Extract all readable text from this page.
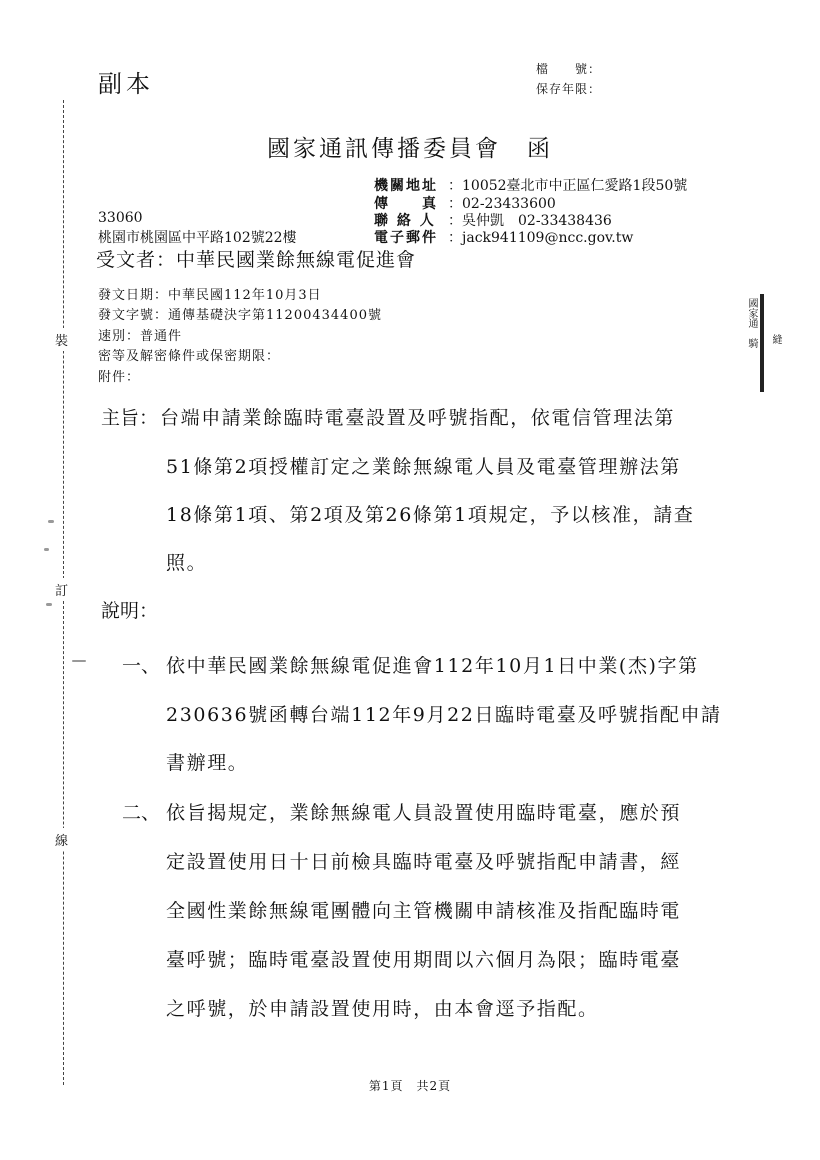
副本
檔　　號：
保存年限：
裝
訂
線
國家通
騎 縫
國家通訊傳播委員會　函
機關地址 ：10052臺北市中正區仁愛路1段50號
傳　　真 ：02-23433600
聯 絡 人 ：吳仲凱　02-33438436
電子郵件 ：jack941109@ncc.gov.tw
33060
桃園市桃園區中平路102號22樓
受文者：中華民國業餘無線電促進會
發文日期：中華民國112年10月3日
發文字號：通傳基礎決字第11200434400號
速別：普通件
密等及解密條件或保密期限：
附件：
主旨： 台端申請業餘臨時電臺設置及呼號指配，依電信管理法第
51條第2項授權訂定之業餘無線電人員及電臺管理辦法第
18條第1項、第2項及第26條第1項規定，予以核准，請查
照。
說明：
一、 依中華民國業餘無線電促進會112年10月1日中業(杰)字第
230636號函轉台端112年9月22日臨時電臺及呼號指配申請
書辦理。
二、 依旨揭規定，業餘無線電人員設置使用臨時電臺，應於預
定設置使用日十日前檢具臨時電臺及呼號指配申請書，經
全國性業餘無線電團體向主管機關申請核准及指配臨時電
臺呼號；臨時電臺設置使用期間以六個月為限；臨時電臺
之呼號，於申請設置使用時，由本會逕予指配。
第1頁　共2頁
